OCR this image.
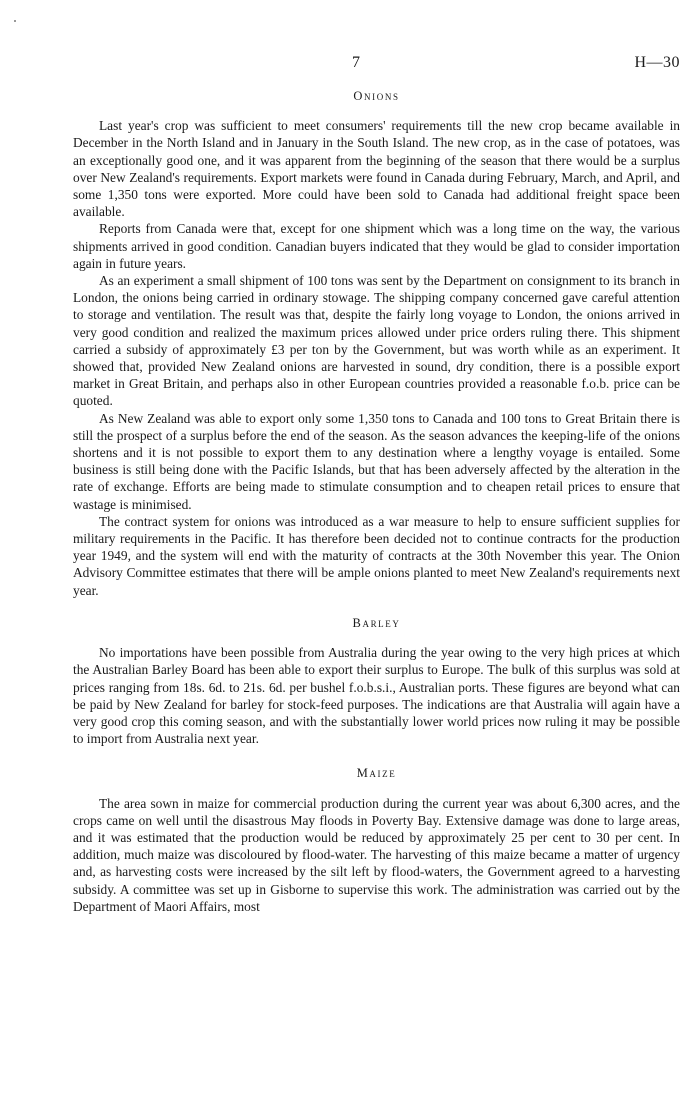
7	H—30
Onions

Last year's crop was sufficient to meet consumers' requirements till the new crop became available in December in the North Island and in January in the South Island. The new crop, as in the case of potatoes, was an exceptionally good one, and it was apparent from the beginning of the season that there would be a surplus over New Zealand's requirements. Export markets were found in Canada during February, March, and April, and some 1,350 tons were exported. More could have been sold to Canada had additional freight space been available.

Reports from Canada were that, except for one shipment which was a long time on the way, the various shipments arrived in good condition. Canadian buyers indicated that they would be glad to consider importation again in future years.

As an experiment a small shipment of 100 tons was sent by the Department on consignment to its branch in London, the onions being carried in ordinary stowage. The shipping company concerned gave careful attention to storage and ventilation. The result was that, despite the fairly long voyage to London, the onions arrived in very good condition and realized the maximum prices allowed under price orders ruling there. This shipment carried a subsidy of approximately £3 per ton by the Government, but was worth while as an experiment. It showed that, provided New Zealand onions are harvested in sound, dry condition, there is a possible export market in Great Britain, and perhaps also in other European countries provided a reasonable f.o.b. price can be quoted.

As New Zealand was able to export only some 1,350 tons to Canada and 100 tons to Great Britain there is still the prospect of a surplus before the end of the season. As the season advances the keeping-life of the onions shortens and it is not possible to export them to any destination where a lengthy voyage is entailed. Some business is still being done with the Pacific Islands, but that has been adversely affected by the alteration in the rate of exchange. Efforts are being made to stimulate consumption and to cheapen retail prices to ensure that wastage is minimised.

The contract system for onions was introduced as a war measure to help to ensure sufficient supplies for military requirements in the Pacific. It has therefore been decided not to continue contracts for the production year 1949, and the system will end with the maturity of contracts at the 30th November this year. The Onion Advisory Committee estimates that there will be ample onions planted to meet New Zealand's requirements next year.

Barley

No importations have been possible from Australia during the year owing to the very high prices at which the Australian Barley Board has been able to export their surplus to Europe. The bulk of this surplus was sold at prices ranging from 18s. 6d. to 21s. 6d. per bushel f.o.b.s.i., Australian ports. These figures are beyond what can be paid by New Zealand for barley for stock-feed purposes. The indications are that Australia will again have a very good crop this coming season, and with the substantially lower world prices now ruling it may be possible to import from Australia next year.

Maize

The area sown in maize for commercial production during the current year was about 6,300 acres, and the crops came on well until the disastrous May floods in Poverty Bay. Extensive damage was done to large areas, and it was estimated that the production would be reduced by approximately 25 per cent to 30 per cent. In addition, much maize was discoloured by flood-water. The harvesting of this maize became a matter of urgency and, as harvesting costs were increased by the silt left by flood-waters, the Government agreed to a harvesting subsidy. A committee was set up in Gisborne to supervise this work. The administration was carried out by the Department of Maori Affairs, most
